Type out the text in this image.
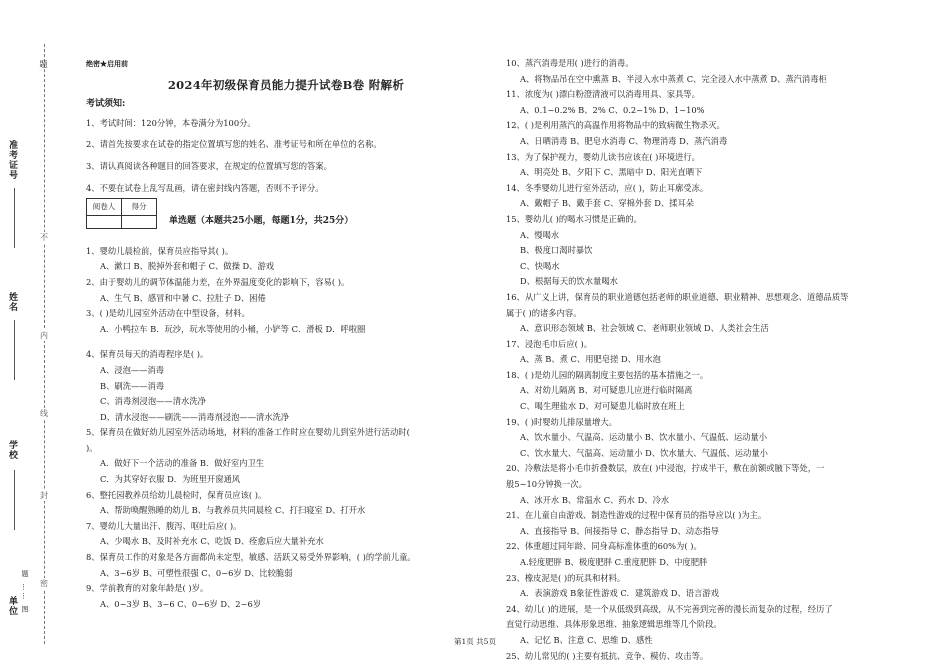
题
准考证号
不
姓名
内
线
学校
封
密
单位 题 …… 图
绝密★启用前
2024年初级保育员能力提升试卷B卷 附解析
考试须知:
1、考试时间：120分钟，本卷满分为100分。
2、请首先按要求在试卷的指定位置填写您的姓名、准考证号和所在单位的名称。
3、请认真阅读各种题目的回答要求，在规定的位置填写您的答案。
4、不要在试卷上乱写乱画，请在密封线内答题，否则不予评分。
阅卷人	得分

单选题（本题共25小题，每题1分，共25分）
1、婴幼儿晨检前，保育员应指导其( )。
A、漱口 B、脱掉外套和帽子 C、做操 D、游戏
2、由于婴幼儿的调节体温能力差，在外界温度变化的影响下，容易( )。
A、生气 B、感冒和中暑 C、拉肚子 D、困倦
3、( )是幼儿园室外活动在中型设备，材料。
A．小鸭拉车 B．玩沙，玩水等使用的小桶，小铲等 C．滑板 D．呼啦圈
4、保育员每天的消毒程序是( )。
A、浸泡——消毒
B、刷洗——消毒
C、消毒剂浸泡——清水洗净
D、清水浸泡——刷洗——消毒剂浸泡——清水洗净
5、保育员在做好幼儿园室外活动场地，材料的准备工作时应在婴幼儿到室外进行活动时(
)。
A．做好下一个活动的准备 B．做好室内卫生
C．为其穿好衣服 D．为班里开窗通风
6、整托园教养员给幼儿晨检时，保育员应该( )。
A、帮助唤醒熟睡的幼儿 B、与教养员共同晨检 C、打扫寝室 D、打开水
7、婴幼儿大量出汗、腹泻、呕吐后应( )。
A、少喝水 B、及时补充水 C、吃饭 D、痊愈后应大量补充水
8、保育员工作的对象是各方面都尚未定型，敏感、活跃又易受外界影响，( )的学前儿童。
A、3~6岁 B、可塑性很强 C、0~6岁 D、比较脆弱
9、学前教育的对象年龄是( )岁。
A、0~3岁 B、3~6 C、0~6岁 D、2~6岁
10、蒸汽消毒是用( )进行的消毒。
A、将物品吊在空中熏蒸 B、半浸入水中蒸煮 C、完全浸入水中蒸煮 D、蒸汽消毒柜
11、浓度为( )漂白粉澄清液可以消毒用具、家具等。
A、0.1~0.2% B、2% C、0.2~1% D、1~10%
12、( )是利用蒸汽的高温作用将物品中的致病微生物杀灭。
A、日晒消毒 B、肥皂水消毒 C、物理消毒 D、蒸汽消毒
13、为了保护视力，婴幼儿读书应该在( )环境进行。
A、明亮处 B、夕阳下 C、黑暗中 D、阳光直晒下
14、冬季婴幼儿进行室外活动，应( )，防止耳廓受冻。
A、戴帽子 B、戴手套 C、穿棉外套 D、揉耳朵
15、婴幼儿( )的喝水习惯是正确的。
A、慢喝水
B、极度口渴时暴饮
C、快喝水
D、根据每天的饮水量喝水
16、从广义上讲，保育员的职业道德包括老师的职业道德、职业精神、思想观念、道德品质等
属于( )的诸多内容。
A、意识形态领域 B、社会领域 C、老师职业领域 D、人类社会生活
17、浸泡毛巾后应( )。
A、蒸 B、煮 C、用肥皂搓 D、用水泡
18、( )是幼儿园的隔离制度主要包括的基本措施之一。
A、对幼儿隔离 B、对可疑患儿应进行临时隔离
C、喝生理盐水 D、对可疑患儿临时放在班上
19、( )时婴幼儿排尿量增大。
A、饮水量小、气温高、运动量小 B、饮水量小、气温低、运动量小
C、饮水量大、气温高、运动量小 D、饮水量大、气温低、运动量小
20、冷敷法是将小毛巾折叠数层，放在( )中浸泡，拧成半干，敷在前额或腋下等处，一
般5~10分钟换一次。
A、冰开水 B、常温水 C、药水 D、冷水
21、在儿童自由游戏、制造性游戏的过程中保育员的指导应以( )为主。
A、直接指导 B、间接指导 C、静态指导 D、动态指导
22、体重超过同年龄、同身高标准体重的60%为( )。
A.轻度肥胖 B、极度肥胖 C.重度肥胖 D、中度肥胖
23、橡皮泥是( )的玩具和材料。
A．表演游戏 B象征性游戏 C．建筑游戏 D、语言游戏
24、幼儿( )的进展，是一个从低级到高级，从不完善到完善的漫长而复杂的过程，经历了
直觉行动思维、具体形象思维、抽象逻辑思维等几个阶段。
A、记忆 B、注意 C、思维 D、感性
25、幼儿常见的( )主要有抵抗、竞争、模仿、攻击等。
第1页 共5页
